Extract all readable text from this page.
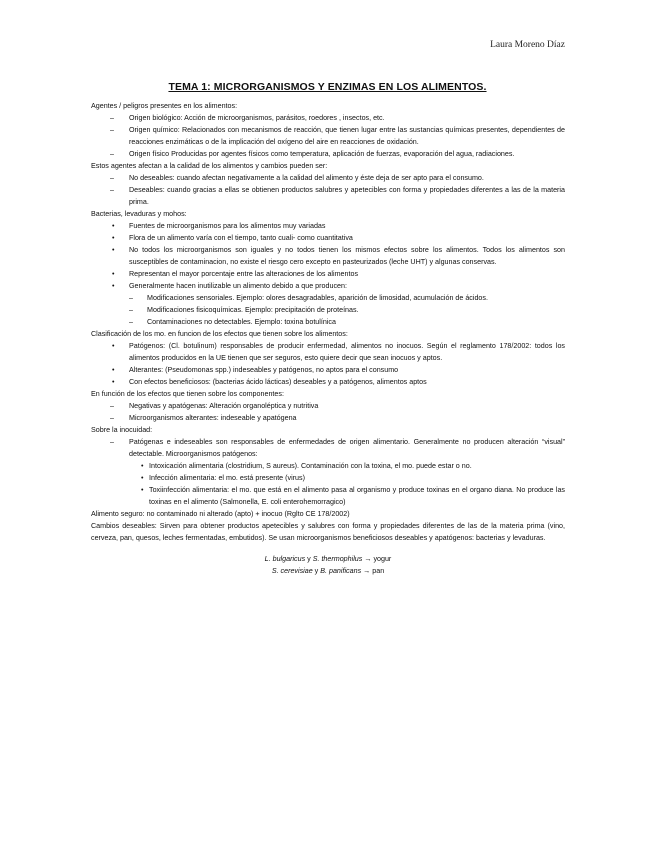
Laura Moreno Díaz
TEMA 1: MICRORGANISMOS Y ENZIMAS EN LOS ALIMENTOS.

Agentes / peligros presentes en los alimentos:

– Origen biológico: Acción de microorganismos, parásitos, roedores , insectos, etc.
– Origen químico: Relacionados con mecanismos de reacción, que tienen lugar entre las sustancias químicas presentes, dependientes de reacciones enzimáticas o de la implicación del oxígeno del aire en reacciones de oxidación.
– Origen físico Producidas por agentes físicos como temperatura, aplicación de fuerzas, evaporación del agua, radiaciones.

Estos agentes afectan a la calidad de los alimentos y cambios pueden ser:

– No deseables: cuando afectan negativamente a la calidad del alimento y éste deja de ser apto para el consumo.
– Deseables: cuando gracias a ellas se obtienen productos salubres y apetecibles con forma y propiedades diferentes a las de la materia prima.

Bacterias, levaduras y mohos:

• Fuentes de microorganismos para los alimentos muy variadas
• Flora de un alimento varía con el tiempo, tanto cuali- como cuantitativa
• No todos los microorganismos son iguales y no todos tienen los mismos efectos sobre los alimentos. Todos los alimentos son susceptibles de contaminacion, no existe el riesgo cero excepto en pasteurizados (leche UHT) y algunas conservas.
• Representan el mayor porcentaje entre las alteraciones de los alimentos
• Generalmente hacen inutilizable un alimento debido a que producen:
– Modificaciones sensoriales. Ejemplo: olores desagradables, aparición de limosidad, acumulación de ácidos.
– Modificaciones fisicoquímicas. Ejemplo: precipitación de proteínas.
– Contaminaciones no detectables. Ejemplo: toxina botulínica

Clasificación de los mo. en funcion de los efectos que tienen sobre los alimentos:

• Patógenos: (Cl. botulinum) responsables de producir enfermedad, alimentos no inocuos. Según el reglamento 178/2002: todos los alimentos producidos en la UE tienen que ser seguros, esto quiere decir que sean inocuos y aptos.
• Alterantes: (Pseudomonas spp.) indeseables y patógenos, no aptos para el consumo
• Con efectos beneficiosos: (bacterias ácido lácticas) deseables y a patógenos, alimentos aptos

En función de los efectos que tienen sobre los componentes:

– Negativas y apatógenas: Alteración organoléptica y nutritiva
– Microorganismos alterantes: indeseable y apatógena

Sobre la inocuidad:

– Patógenas e indeseables son responsables de enfermedades de origen alimentario. Generalmente no producen alteración “visual” detectable. Microorganismos patógenos:
• Intoxicación alimentaria (clostridium, S aureus). Contaminación con la toxina, el mo. puede estar o no.
• Infección alimentaria: el mo. está presente (virus)
• Toxiinfección alimentaria: el mo. que está en el alimento pasa al organismo y produce toxinas en el organo diana. No produce las toxinas en el alimento (Salmonella, E. coli enterohemorragico)

Alimento seguro: no contaminado ni alterado (apto) + inocuo (Rglto CE 178/2002)

Cambios deseables: Sirven para obtener productos apetecibles y salubres con forma y propiedades diferentes de las de la materia prima (vino, cerveza, pan, quesos, leches fermentadas, embutidos). Se usan microorganismos beneficiosos deseables y apatógenos: bacterias y levaduras.

L. bulgaricus y S. thermophilus → yogur
S. cerevisiae y B. panificans → pan
